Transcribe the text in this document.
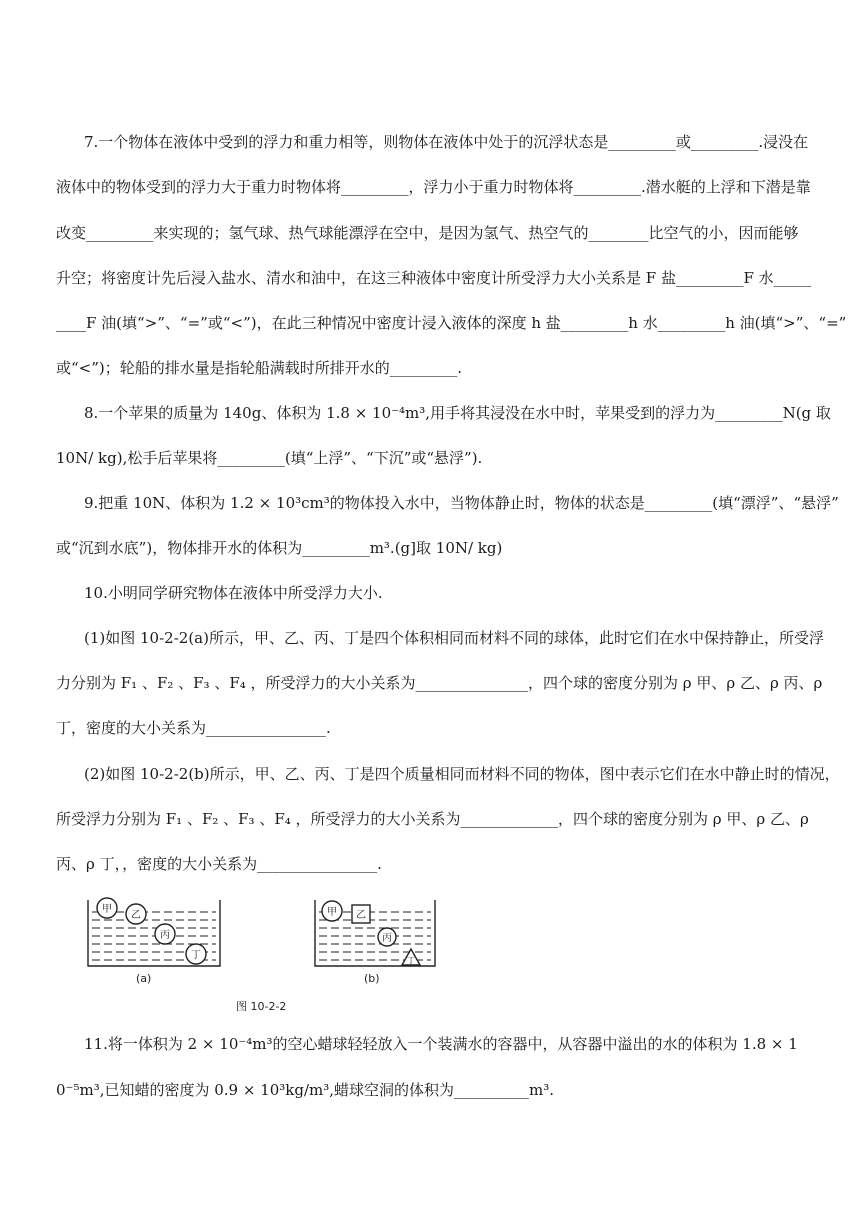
7.一个物体在液体中受到的浮力和重力相等，则物体在液体中处于的沉浮状态是_________或_________.浸没在
液体中的物体受到的浮力大于重力时物体将_________，浮力小于重力时物体将_________.潜水艇的上浮和下潜是靠
改变_________来实现的；氢气球、热气球能漂浮在空中，是因为氢气、热空气的________比空气的小，因而能够
升空；将密度计先后浸入盐水、清水和油中，在这三种液体中密度计所受浮力大小关系是 F 盐_________F 水_____
____F 油(填“>”、“=”或“<”)，在此三种情况中密度计浸入液体的深度 h 盐_________h 水_________h 油(填“>”、“=”
或“<”)；轮船的排水量是指轮船满载时所排开水的_________.
8.一个苹果的质量为 140g、体积为 1.8 × 10⁻⁴m³,用手将其浸没在水中时，苹果受到的浮力为_________N(g 取
10N/ kg),松手后苹果将_________(填“上浮”、“下沉”或“悬浮”).
9.把重 10N、体积为 1.2 × 10³cm³的物体投入水中，当物体静止时，物体的状态是_________(填“漂浮”、“悬浮”
或“沉到水底”)，物体排开水的体积为_________m³.(g]取 10N/ kg)
10.小明同学研究物体在液体中所受浮力大小.
(1)如图 10-2-2(a)所示，甲、乙、丙、丁是四个体积相同而材料不同的球体，此时它们在水中保持静止，所受浮
力分别为 F₁ 、F₂ 、F₃ 、F₄ ，所受浮力的大小关系为_______________，四个球的密度分别为 ρ 甲、ρ 乙、ρ 丙、ρ
丁，密度的大小关系为________________.
(2)如图 10-2-2(b)所示，甲、乙、丙、丁是四个质量相同而材料不同的物体，图中表示它们在水中静止时的情况，
所受浮力分别为 F₁ 、F₂ 、F₃ 、F₄ ，所受浮力的大小关系为_____________，四个球的密度分别为 ρ 甲、ρ 乙、ρ
丙、ρ 丁，，密度的大小关系为________________.
甲
乙
丙
丁
甲 乙
丙
丁
(a)	(b)
图 10-2-2
11.将一体积为 2 × 10⁻⁴m³的空心蜡球轻轻放入一个装满水的容器中，从容器中溢出的水的体积为 1.8 × 1
0⁻⁵m³,已知蜡的密度为 0.9 × 10³kg/m³,蜡球空洞的体积为__________m³.
